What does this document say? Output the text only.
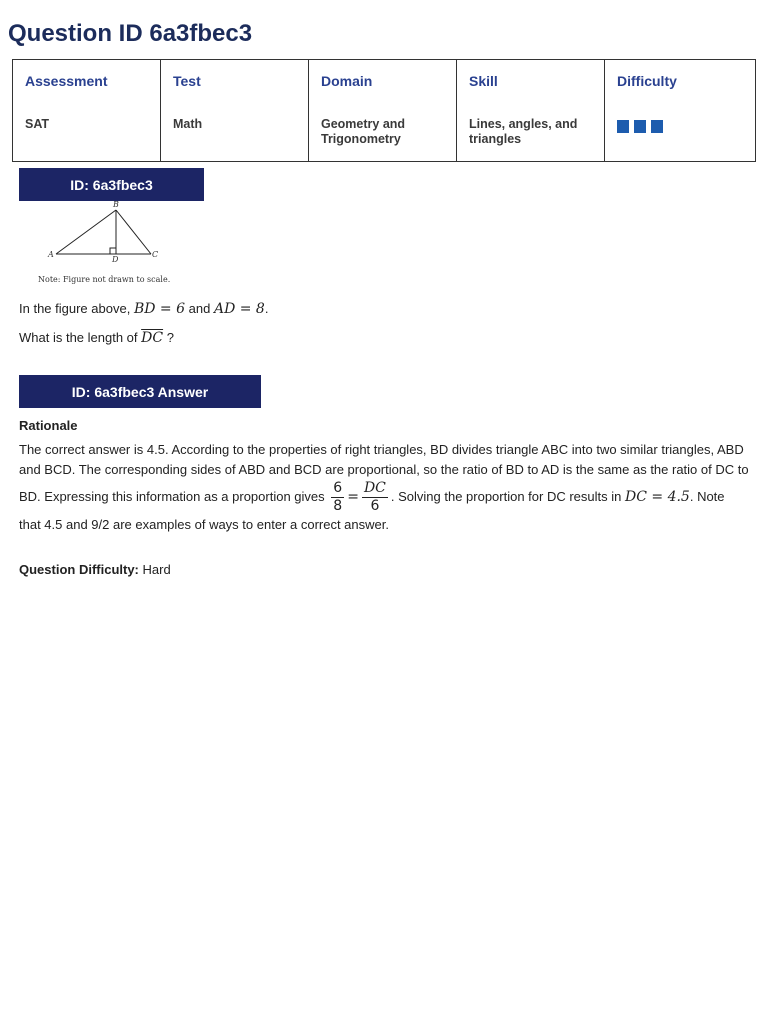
Question ID 6a3fbec3
Assessment	Test	Domain	Skill	Difficulty
SAT	Math	Geometry and Trigonometry	Lines, angles, and triangles	
ID: 6a3fbec3
B
A
D
C
Note: Figure not drawn to scale.
In the figure above, BD = 6 and AD = 8.
What is the length of $\overline{DC}$ ?
ID: 6a3fbec3 Answer
Rationale
The correct answer is 4.5. According to the properties of right triangles, BD divides triangle ABC into two similar triangles, ABD and BCD. The corresponding sides of ABD and BCD are proportional, so the ratio of BD to AD is the same as the ratio of DC to BD. Expressing this information as a proportion gives $\frac{6}{8} = \frac{DC}{6}$ . Solving the proportion for DC results in DC = 4.5. Note that 4.5 and 9/2 are examples of ways to enter a correct answer.
Question Difficulty: Hard
